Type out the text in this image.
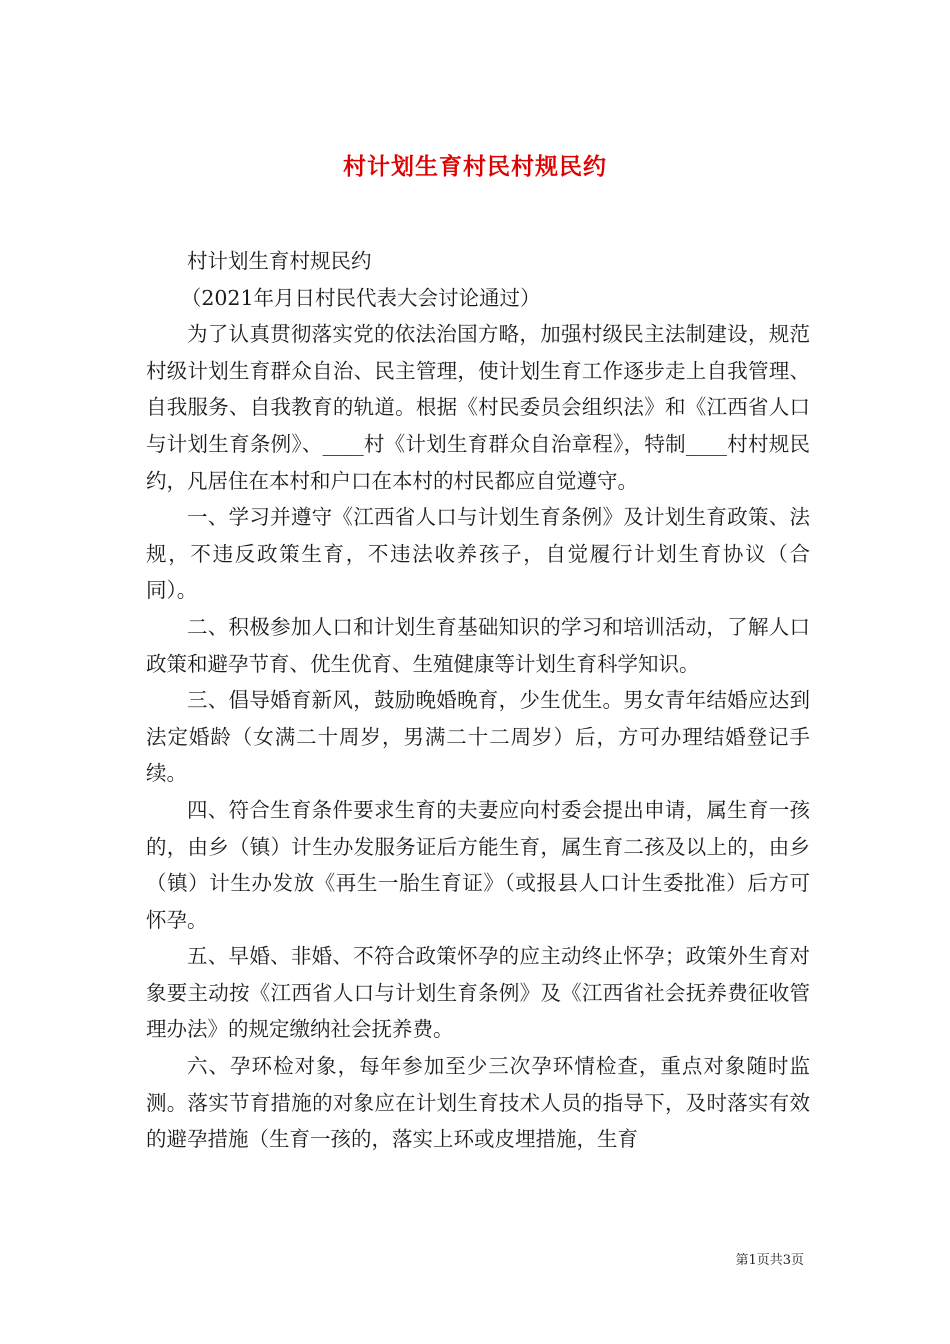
村计划生育村民村规民约

村计划生育村规民约

（2021年月日村民代表大会讨论通过）

为了认真贯彻落实党的依法治国方略，加强村级民主法制建设，规范村级计划生育群众自治、民主管理，使计划生育工作逐步走上自我管理、自我服务、自我教育的轨道。根据《村民委员会组织法》和《江西省人口与计划生育条例》、____村《计划生育群众自治章程》，特制____村村规民约，凡居住在本村和户口在本村的村民都应自觉遵守。

一、学习并遵守《江西省人口与计划生育条例》及计划生育政策、法规，不违反政策生育，不违法收养孩子，自觉履行计划生育协议（合同）。

二、积极参加人口和计划生育基础知识的学习和培训活动，了解人口政策和避孕节育、优生优育、生殖健康等计划生育科学知识。

三、倡导婚育新风，鼓励晚婚晚育，少生优生。男女青年结婚应达到法定婚龄（女满二十周岁，男满二十二周岁）后，方可办理结婚登记手续。

四、符合生育条件要求生育的夫妻应向村委会提出申请，属生育一孩的，由乡（镇）计生办发服务证后方能生育，属生育二孩及以上的，由乡（镇）计生办发放《再生一胎生育证》（或报县人口计生委批准）后方可怀孕。

五、早婚、非婚、不符合政策怀孕的应主动终止怀孕；政策外生育对象要主动按《江西省人口与计划生育条例》及《江西省社会抚养费征收管理办法》的规定缴纳社会抚养费。

六、孕环检对象，每年参加至少三次孕环情检查，重点对象随时监测。落实节育措施的对象应在计划生育技术人员的指导下，及时落实有效的避孕措施（生育一孩的，落实上环或皮埋措施，生育

第1页共3页
